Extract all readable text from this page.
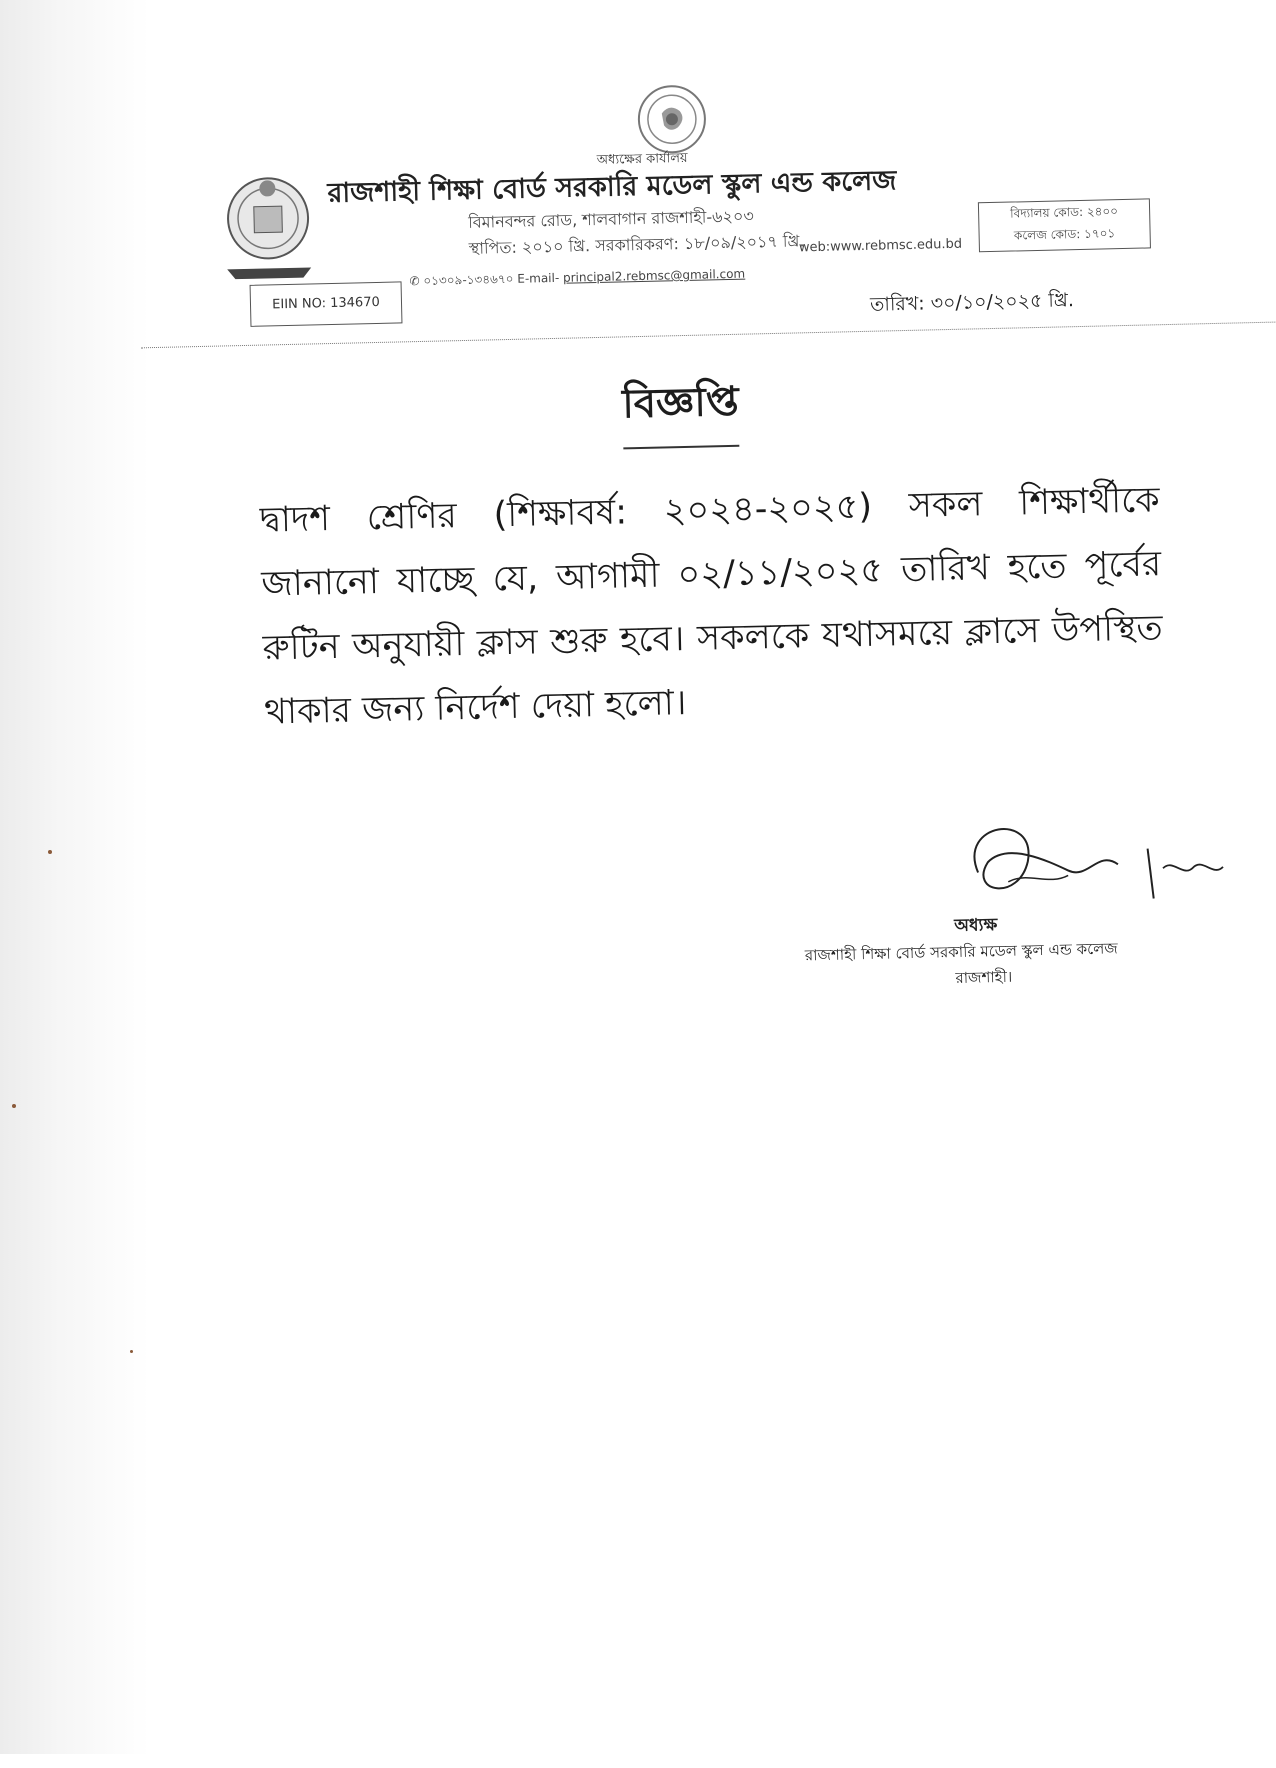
অধ্যক্ষের কার্যালয়
রাজশাহী শিক্ষা বোর্ড সরকারি মডেল স্কুল এন্ড কলেজ
বিমানবন্দর রোড, শালবাগান রাজশাহী-৬২০৩
স্থাপিত: ২০১০ খ্রি. সরকারিকরণ: ১৮/০৯/২০১৭ খ্রি.
web:www.rebmsc.edu.bd
বিদ্যালয় কোড: ২৪০০
কলেজ কোড: ১৭০১
EIIN NO: 134670
✆ ০১৩০৯-১৩৪৬৭০ E-mail- principal2.rebmsc@gmail.com
তারিখ: ৩০/১০/২০২৫ খ্রি.
বিজ্ঞপ্তি
দ্বাদশ শ্রেণির (শিক্ষাবর্ষ: ২০২৪-২০২৫) সকল শিক্ষার্থীকে জানানো যাচ্ছে যে, আগামী ০২/১১/২০২৫ তারিখ হতে পূর্বের রুটিন অনুযায়ী ক্লাস শুরু হবে। সকলকে যথাসময়ে ক্লাসে উপস্থিত থাকার জন্য নির্দেশ দেয়া হলো।
অধ্যক্ষ
রাজশাহী শিক্ষা বোর্ড সরকারি মডেল স্কুল এন্ড কলেজ
রাজশাহী।
